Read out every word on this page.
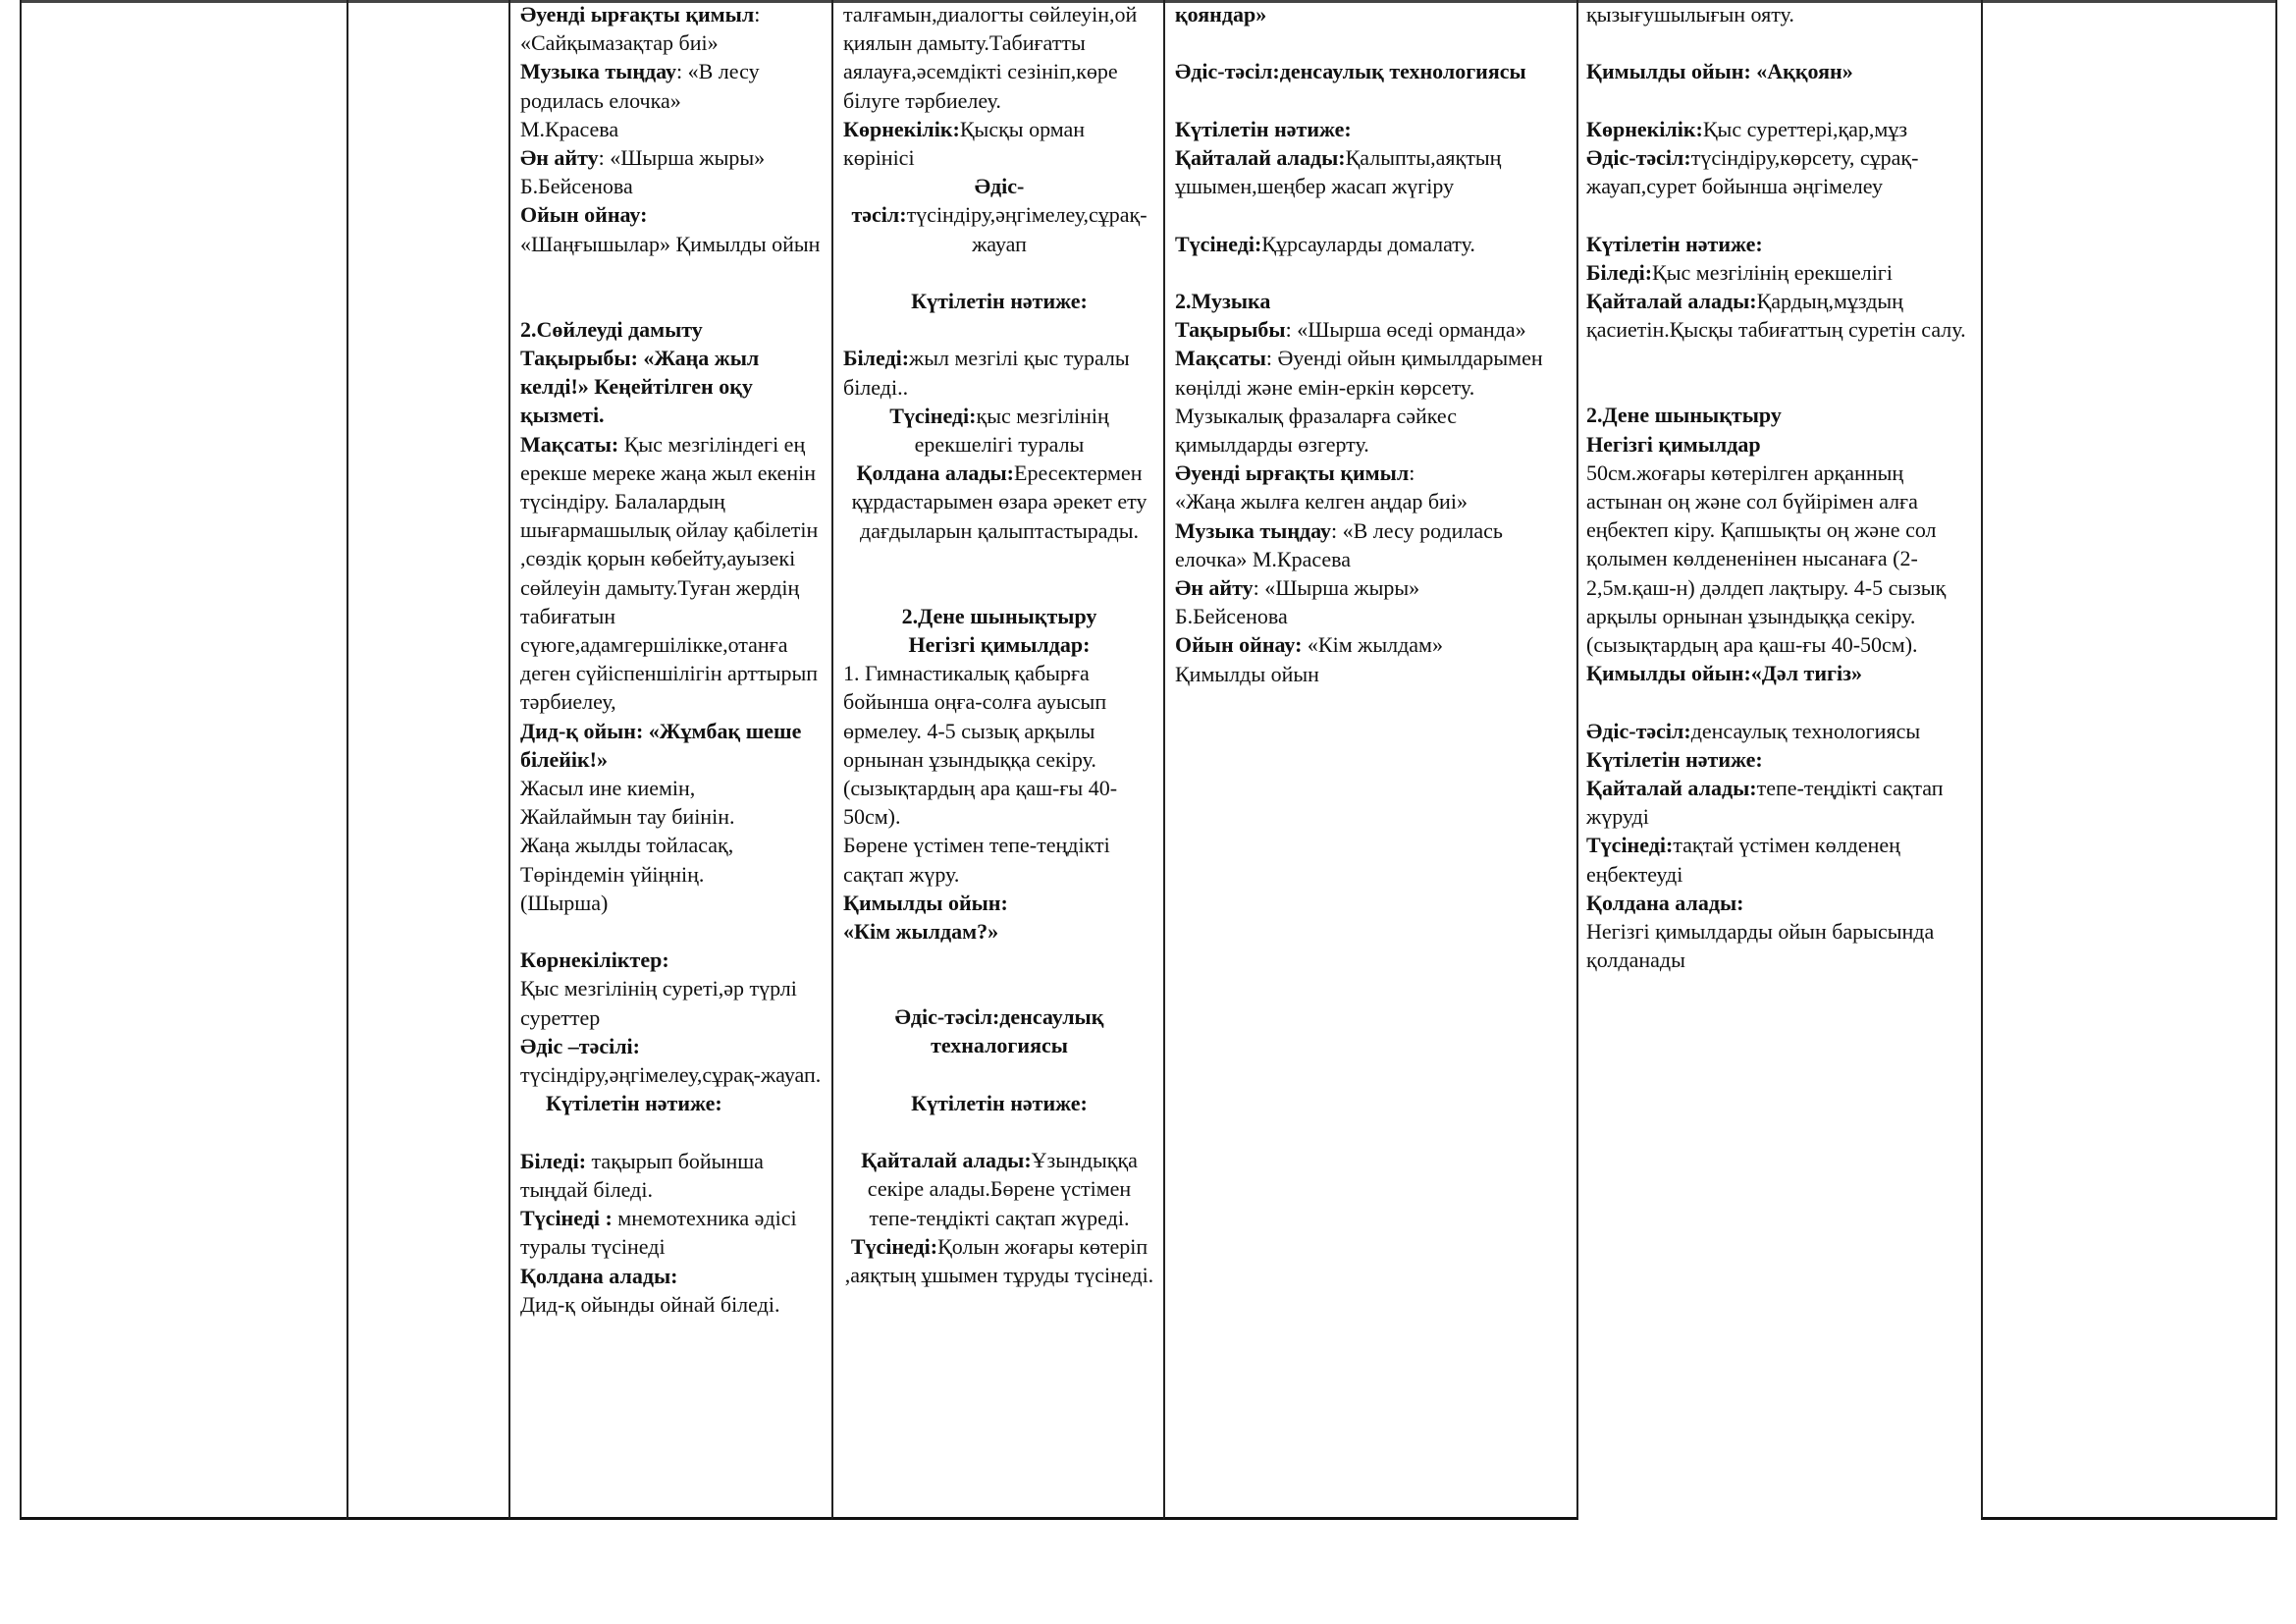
Әуенді ырғақты қимыл:

«Сайқымазақтар биі»

Музыка тыңдау: «В лесу родилась елочка»

М.Красева

Ән айту: «Шырша жыры»

Б.Бейсенова

Ойын ойнау:

«Шаңғышылар» Қимылды ойын

2.Сөйлеуді дамыту

Тақырыбы: «Жаңа жыл келді!» Кеңейтілген оқу қызметі.

Мақсаты: Қыс мезгіліндегі ең ерекше мереке жаңа жыл екенін түсіндіру. Балалардың шығармашылық ойлау қабілетін ,сөздік қорын көбейту,ауызекі сөйлеуін дамыту.Туған жердің табиғатын сүюге,адамгершілікке,отанға деген сүйіспеншілігін арттырып тәрбиелеу,

Дид-қ ойын: «Жұмбақ шеше білейік!»

Жасыл ине киемін,

Жайлаймын тау биінін.

Жаңа жылды тойласақ,

Төріндемін үйіңнің.

(Шырша)

Көрнекіліктер:

Қыс мезгілінің суреті,әр түрлі суреттер

Әдіс –тәсілі:

түсіндіру,әңгімелеу,сұрақ-жауап.

Күтілетін нәтиже:

Біледі: тақырып бойынша тыңдай біледі.

Түсінеді : мнемотехника әдісі туралы түсінеді

Қолдана алады:

Дид-қ ойынды ойнай біледі.

талғамын,диалогты сөйлеуін,ой қиялын дамыту.Табиғатты аялауға,әсемдікті сезініп,көре білуге тәрбиелеу.

Көрнекілік:Қысқы орман көрінісі

Әдіс-тәсіл:түсіндіру,әңгімелеу,сұрақ-жауап

Күтілетін нәтиже:

Біледі:жыл мезгілі қыс туралы біледі..

Түсінеді:қыс мезгілінің ерекшелігі туралы

Қолдана алады:Ересектермен құрдастарымен өзара әрекет ету дағдыларын қалыптастырады.

2.Дене шынықтыру

Негізгі қимылдар:

1. Гимнастикалық қабырға бойынша оңға-солға ауысып өрмелеу. 4-5 сызық арқылы орнынан ұзындыққа секіру.(сызықтардың ара қаш-ғы 40-50см).

Бөрене үстімен тепе-теңдікті сақтап жүру.

Қимылды ойын:

«Кім жылдам?»

Әдіс-тәсіл:денсаулық техналогиясы

Күтілетін нәтиже:

Қайталай алады:Ұзындыққа секіре алады.Бөрене үстімен тепе-теңдікті сақтап жүреді.

Түсінеді:Қолын жоғары көтеріп ,аяқтың ұшымен тұруды түсінеді.

қояндар»

Әдіс-тәсіл:денсаулық технологиясы

Күтілетін нәтиже:

Қайталай алады:Қалыпты,аяқтың ұшымен,шеңбер жасап жүгіру

Түсінеді:Құрсауларды домалату.

2.Музыка

Тақырыбы: «Шырша өседі орманда»

Мақсаты: Әуенді ойын қимылдарымен көңілді және емін-еркін көрсету. Музыкалық фразаларға сәйкес қимылдарды өзгерту.

Әуенді ырғақты қимыл:

«Жаңа жылға келген аңдар биі»

Музыка тыңдау: «В лесу родилась елочка» М.Красева

Ән айту: «Шырша жыры»

Б.Бейсенова

Ойын ойнау: «Кім жылдам»

Қимылды ойын

қызығушылығын ояту.

Қимылды ойын: «Аққоян»

Көрнекілік:Қыс суреттері,қар,мұз

Әдіс-тәсіл:түсіндіру,көрсету, сұрақ-жауап,сурет бойынша әңгімелеу

Күтілетін нәтиже:

Біледі:Қыс мезгілінің ерекшелігі

Қайталай алады:Қардың,мұздың қасиетін.Қысқы табиғаттың суретін салу.

2.Дене шынықтыру

Негізгі қимылдар

50см.жоғары көтерілген арқанның астынан оң және сол бүйірімен алға еңбектеп кіру. Қапшықты оң және сол қолымен көлдененінен нысанаға (2-2,5м.қаш-н) дәлдеп лақтыру. 4-5 сызық арқылы орнынан ұзындыққа секіру.(сызықтардың ара қаш-ғы 40-50см).

Қимылды ойын:«Дәл тигіз»

Әдіс-тәсіл:денсаулық технологиясы

Күтілетін нәтиже:

Қайталай алады:тепе-теңдікті сақтап жүруді

Түсінеді:тақтай үстімен көлденең еңбектеуді

Қолдана алады:

Негізгі қимылдарды ойын барысында қолданады
